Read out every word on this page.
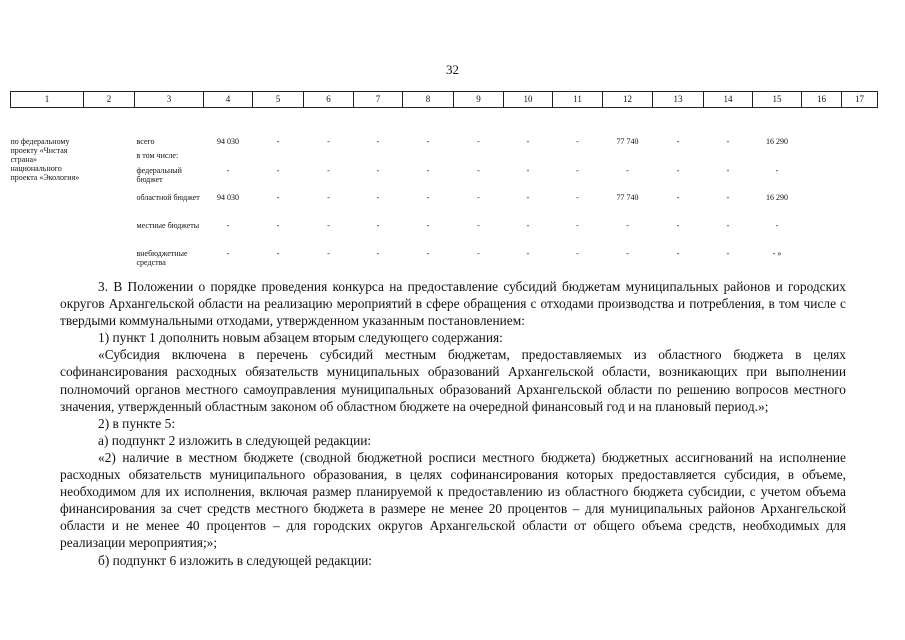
32
1	2	3	4	5	6	7	8	9	10	11	12	13	14	15	16	17
по федеральному проекту «Чистая страна» национального проекта «Экология»		всего	94 030	-	-	-	-	-	-	-	77 740	-	-	16 290		
		в том числе:														
		федеральный бюджет	-	-	-	-	-	-	-	-	-	-	-	-		
		областной бюджет	94 030	-	-	-	-	-	-	-	77 740	-	-	16 290		
		местные бюджеты	-	-	-	-	-	-	-	-	-	-	-	-		
		внебюджетные средства	-	-	-	-	-	-	-	-	-	-	-	- »		

3. В Положении о порядке проведения конкурса на предоставление субсидий бюджетам муниципальных районов и городских округов Архангельской области на реализацию мероприятий в сфере обращения с отходами производства и потребления, в том числе с твердыми коммунальными отходами, утвержденном указанным постановлением:

1) пункт 1 дополнить новым абзацем вторым следующего содержания:

«Субсидия включена в перечень субсидий местным бюджетам, предоставляемых из областного бюджета в целях софинансирования расходных обязательств муниципальных образований Архангельской области, возникающих при выполнении полномочий органов местного самоуправления муниципальных образований Архангельской области по решению вопросов местного значения, утвержденный областным законом об областном бюджете на очередной финансовый год и на плановый период.»;

2) в пункте 5:

а) подпункт 2 изложить в следующей редакции:

«2) наличие в местном бюджете (сводной бюджетной росписи местного бюджета) бюджетных ассигнований на исполнение расходных обязательств муниципального образования, в целях софинансирования которых предоставляется субсидия, в объеме, необходимом для их исполнения, включая размер планируемой к предоставлению из областного бюджета субсидии, с учетом объема финансирования за счет средств местного бюджета в размере не менее 20 процентов – для муниципальных районов Архангельской области и не менее 40 процентов – для городских округов Архангельской области от общего объема средств, необходимых для реализации мероприятия;»;

б) подпункт 6 изложить в следующей редакции:
